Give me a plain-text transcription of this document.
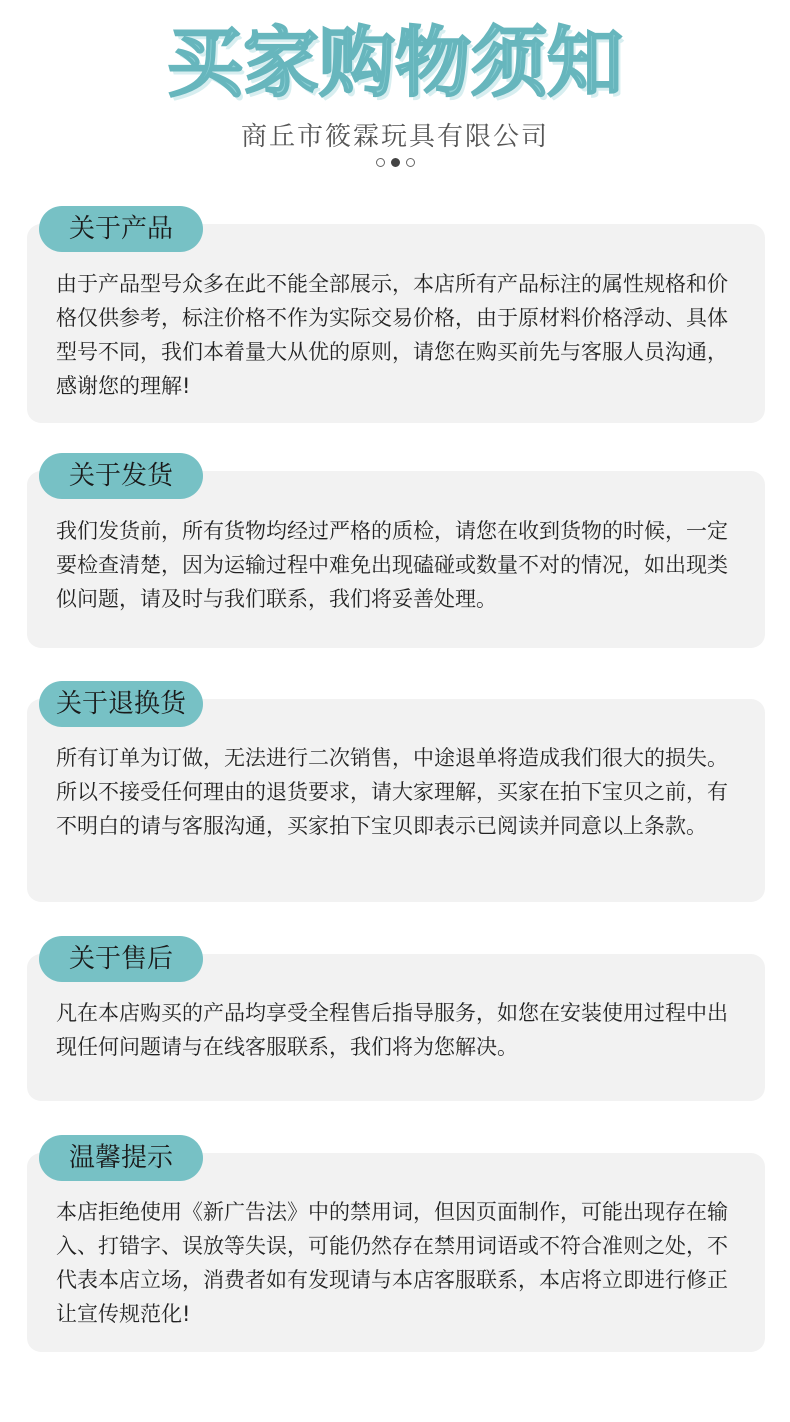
买家购物须知
商丘市筱霖玩具有限公司

关于产品

由于产品型号众多在此不能全部展示，本店所有产品标注的属性规格和价格仅供参考，标注价格不作为实际交易价格，由于原材料价格浮动、具体型号不同，我们本着量大从优的原则，请您在购买前先与客服人员沟通，感谢您的理解!

关于发货

我们发货前，所有货物均经过严格的质检，请您在收到货物的时候，一定要检查清楚，因为运输过程中难免出现磕碰或数量不对的情况，如出现类似问题，请及时与我们联系，我们将妥善处理。

关于退换货

所有订单为订做，无法进行二次销售，中途退单将造成我们很大的损失。所以不接受任何理由的退货要求，请大家理解，买家在拍下宝贝之前，有不明白的请与客服沟通，买家拍下宝贝即表示已阅读并同意以上条款。

关于售后

凡在本店购买的产品均享受全程售后指导服务，如您在安装使用过程中出现任何问题请与在线客服联系，我们将为您解决。

温馨提示

本店拒绝使用《新广告法》中的禁用词，但因页面制作，可能出现存在输入、打错字、误放等失误，可能仍然存在禁用词语或不符合准则之处，不代表本店立场，消费者如有发现请与本店客服联系，本店将立即进行修正让宣传规范化!
